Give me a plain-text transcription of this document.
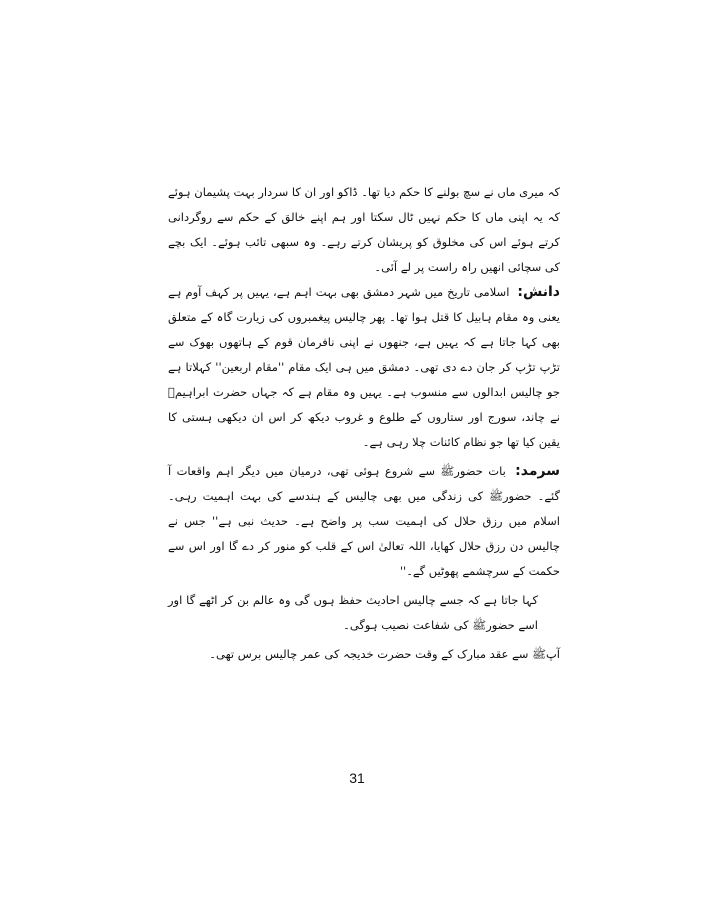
کہ میری ماں نے سچ بولنے کا حکم دیا تھا۔ ڈاکو اور ان کا سردار بہت پشیمان ہوئے کہ یہ اپنی ماں کا حکم نہیں ٹال سکتا اور ہم اپنے خالق کے حکم سے روگردانی کرتے ہوئے اس کی مخلوق کو پریشان کرتے رہے۔ وہ سبھی تائب ہوئے۔ ایک بچے کی سچائی انھیں راہ راست پر لے آئی۔

دانش: اسلامی تاریخ میں شہر دمشق بھی بہت اہم ہے، یہیں پر کہف آوم ہے یعنی وہ مقام ہابیل کا قتل ہوا تھا۔ پھر چالیس پیغمبروں کی زیارت گاہ کے متعلق بھی کہا جاتا ہے کہ یہیں ہے، جنھوں نے اپنی نافرمان قوم کے ہاتھوں بھوک سے تڑپ تڑپ کر جان دے دی تھی۔ دمشق میں ہی ایک مقام ''مقام اربعین'' کہلاتا ہے جو چالیس ابدالوں سے منسوب ہے۔ یہیں وہ مقام ہے کہ جہاں حضرت ابراہیمؑ نے چاند، سورج اور ستاروں کے طلوع و غروب دیکھ کر اس ان دیکھی ہستی کا یقین کیا تھا جو نظام کائنات چلا رہی ہے۔

سرمد: بات حضورﷺ سے شروع ہوئی تھی، درمیان میں دیگر اہم واقعات آ گئے۔ حضورﷺ کی زندگی میں بھی چالیس کے ہندسے کی بہت اہمیت رہی۔ اسلام میں رزق حلال کی اہمیت سب پر واضح ہے۔ حدیث نبی ہے'' جس نے چالیس دن رزق حلال کھایا، اللہ تعالیٰ اس کے قلب کو منور کر دے گا اور اس سے حکمت کے سرچشمے پھوٹیں گے۔''

کہا جاتا ہے کہ جسے چالیس احادیث حفظ ہوں گی وہ عالم بن کر اٹھے گا اور اسے حضورﷺ کی شفاعت نصیب ہوگی۔

آپﷺ سے عقد مبارک کے وقت حضرت خدیجہ کی عمر چالیس برس تھی۔

31
